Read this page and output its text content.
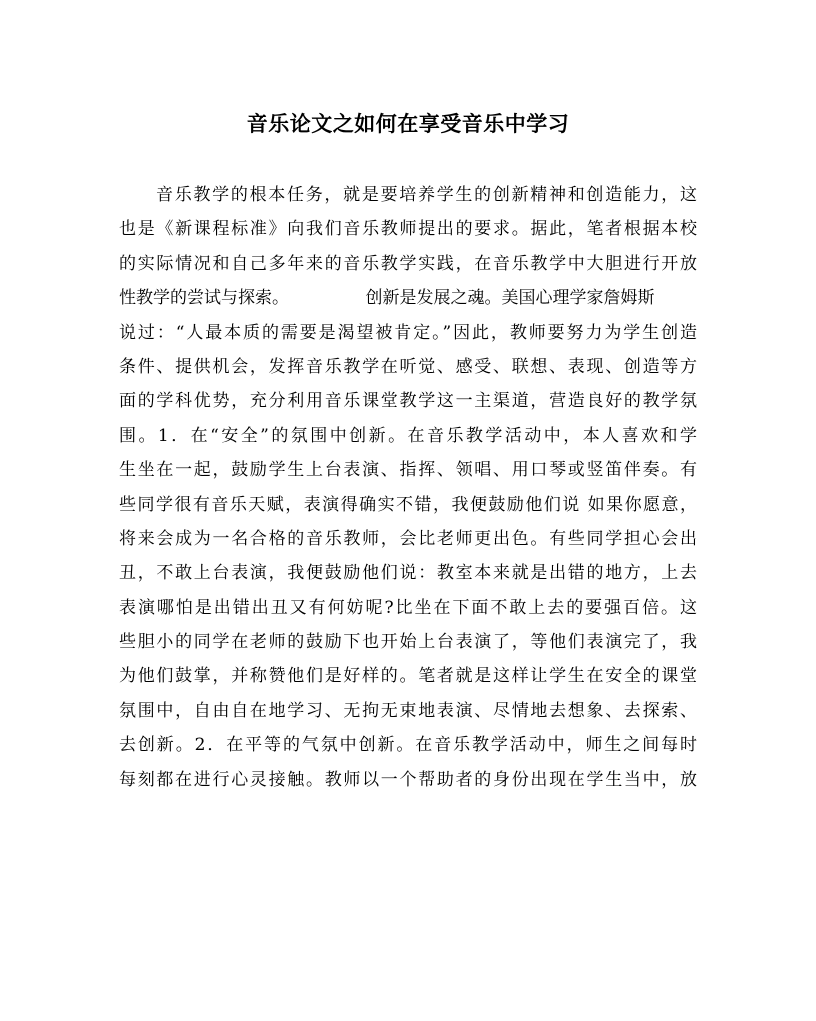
音乐论文之如何在享受音乐中学习
音乐教学的根本任务，就是要培养学生的创新精神和创造能力，这
也是《新课程标准》向我们音乐教师提出的要求。据此，笔者根据本校
的实际情况和自己多年来的音乐教学实践，在音乐教学中大胆进行开放
性教学的尝试与探索。　　　　　创新是发展之魂。美国心理学家詹姆斯
说过：“人最本质的需要是渴望被肯定。”因此，教师要努力为学生创造
条件、提供机会，发挥音乐教学在听觉、感受、联想、表现、创造等方
面的学科优势，充分利用音乐课堂教学这一主渠道，营造良好的教学氛
围。1．在“安全”的氛围中创新。在音乐教学活动中，本人喜欢和学
生坐在一起，鼓励学生上台表演、指挥、领唱、用口琴或竖笛伴奏。有
些同学很有音乐天赋，表演得确实不错，我便鼓励他们说 如果你愿意，
将来会成为一名合格的音乐教师，会比老师更出色。有些同学担心会出
丑，不敢上台表演，我便鼓励他们说：教室本来就是出错的地方，上去
表演哪怕是出错出丑又有何妨呢?比坐在下面不敢上去的要强百倍。这
些胆小的同学在老师的鼓励下也开始上台表演了，等他们表演完了，我
为他们鼓掌，并称赞他们是好样的。笔者就是这样让学生在安全的课堂
氛围中，自由自在地学习、无拘无束地表演、尽情地去想象、去探索、
去创新。2．在平等的气氛中创新。在音乐教学活动中，师生之间每时
每刻都在进行心灵接触。教师以一个帮助者的身份出现在学生当中，放
